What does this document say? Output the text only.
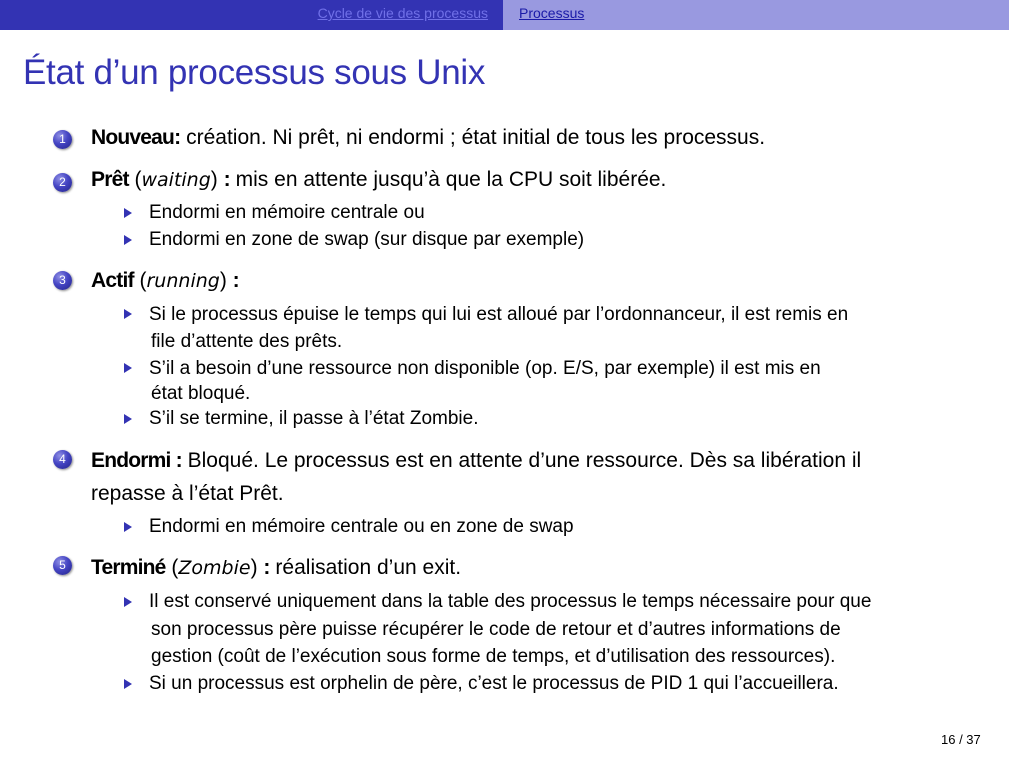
Cycle de vie des processus Processus
État d’un processus sous Unix
1 Nouveau: création. Ni prêt, ni endormi ; état initial de tous les processus.
2 Prêt (waiting) : mis en attente jusqu’à que la CPU soit libérée.
Endormi en mémoire centrale ou
Endormi en zone de swap (sur disque par exemple)
3 Actif (running) :
Si le processus épuise le temps qui lui est alloué par l’ordonnanceur, il est remis en
file d’attente des prêts.
S’il a besoin d’une ressource non disponible (op. E/S, par exemple) il est mis en
état bloqué.
S’il se termine, il passe à l’état Zombie.
4 Endormi : Bloqué. Le processus est en attente d’une ressource. Dès sa libération il
repasse à l’état Prêt.
Endormi en mémoire centrale ou en zone de swap
5 Terminé (Zombie) : réalisation d’un exit.
Il est conservé uniquement dans la table des processus le temps nécessaire pour que
son processus père puisse récupérer le code de retour et d’autres informations de
gestion (coût de l’exécution sous forme de temps, et d’utilisation des ressources).
Si un processus est orphelin de père, c’est le processus de PID 1 qui l’accueillera.
16 / 37
